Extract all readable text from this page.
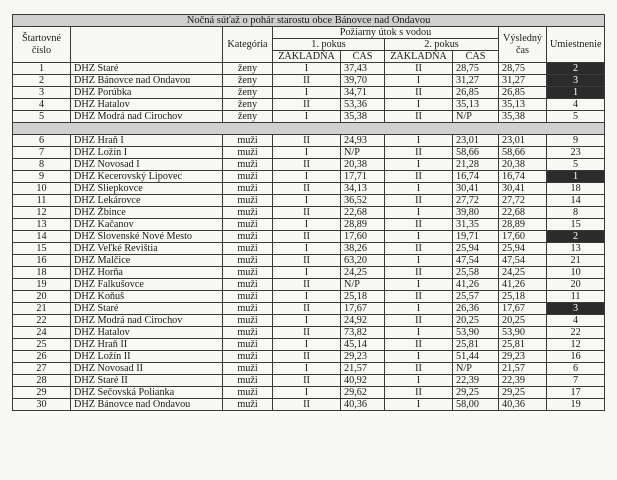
Nočná súťaž o pohár starostu obce Bánovce nad Ondavou								
Štartovné
číslo		Kategória	Požiarny útok s vodou				Výsledný
čas	Umiestnenie
			1. pokus		2. pokus			
			ZÁKLADŇA	ČAS	ZÁKLADŇA	ČAS		
1	DHZ Staré	ženy	I	37,43	II	28,75	28,75	2
2	DHZ Bánovce nad Ondavou	ženy	II	39,70	I	31,27	31,27	3
3	DHZ Porúbka	ženy	I	34,71	II	26,85	26,85	1
4	DHZ Hatalov	ženy	II	53,36	I	35,13	35,13	4
5	DHZ Modrá nad Cirochov	ženy	I	35,38	II	N/P	35,38	5

6	DHZ Hraň I	muži	II	24,93	I	23,01	23,01	9
7	DHZ Ložín I	muži	I	N/P	II	58,66	58,66	23
8	DHZ Novosad I	muži	II	20,38	I	21,28	20,38	5
9	DHZ Kecerovský Lipovec	muži	I	17,71	II	16,74	16,74	1
10	DHZ Sliepkovce	muži	II	34,13	I	30,41	30,41	18
11	DHZ Lekárovce	muži	I	36,52	II	27,72	27,72	14
12	DHZ Žbince	muži	II	22,68	I	39,80	22,68	8
13	DHZ Kačanov	muži	I	28,89	II	31,35	28,89	15
14	DHZ Slovenské Nové Mesto	muži	II	17,60	I	19,71	17,60	2
15	DHZ Veľké Revištia	muži	I	38,26	II	25,94	25,94	13
16	DHZ Malčice	muži	II	63,20	I	47,54	47,54	21
18	DHZ Horňa	muži	I	24,25	II	25,58	24,25	10
19	DHZ Falkušovce	muži	II	N/P	I	41,26	41,26	20
20	DHZ Koňuš	muži	I	25,18	II	25,57	25,18	11
21	DHZ Staré	muži	II	17,67	I	26,36	17,67	3
22	DHZ Modrá nad Cirochov	muži	I	24,92	II	20,25	20,25	4
24	DHZ Hatalov	muži	II	73,82	I	53,90	53,90	22
25	DHZ Hraň II	muži	I	45,14	II	25,81	25,81	12
26	DHZ Ložín II	muži	II	29,23	I	51,44	29,23	16
27	DHZ Novosad II	muži	I	21,57	II	N/P	21,57	6
28	DHZ Staré II	muži	II	40,92	I	22,39	22,39	7
29	DHZ Sečovská Polianka	muži	I	29,62	II	29,25	29,25	17
30	DHZ Bánovce nad Ondavou	muži	II	40,36	I	58,00	40,36	19
